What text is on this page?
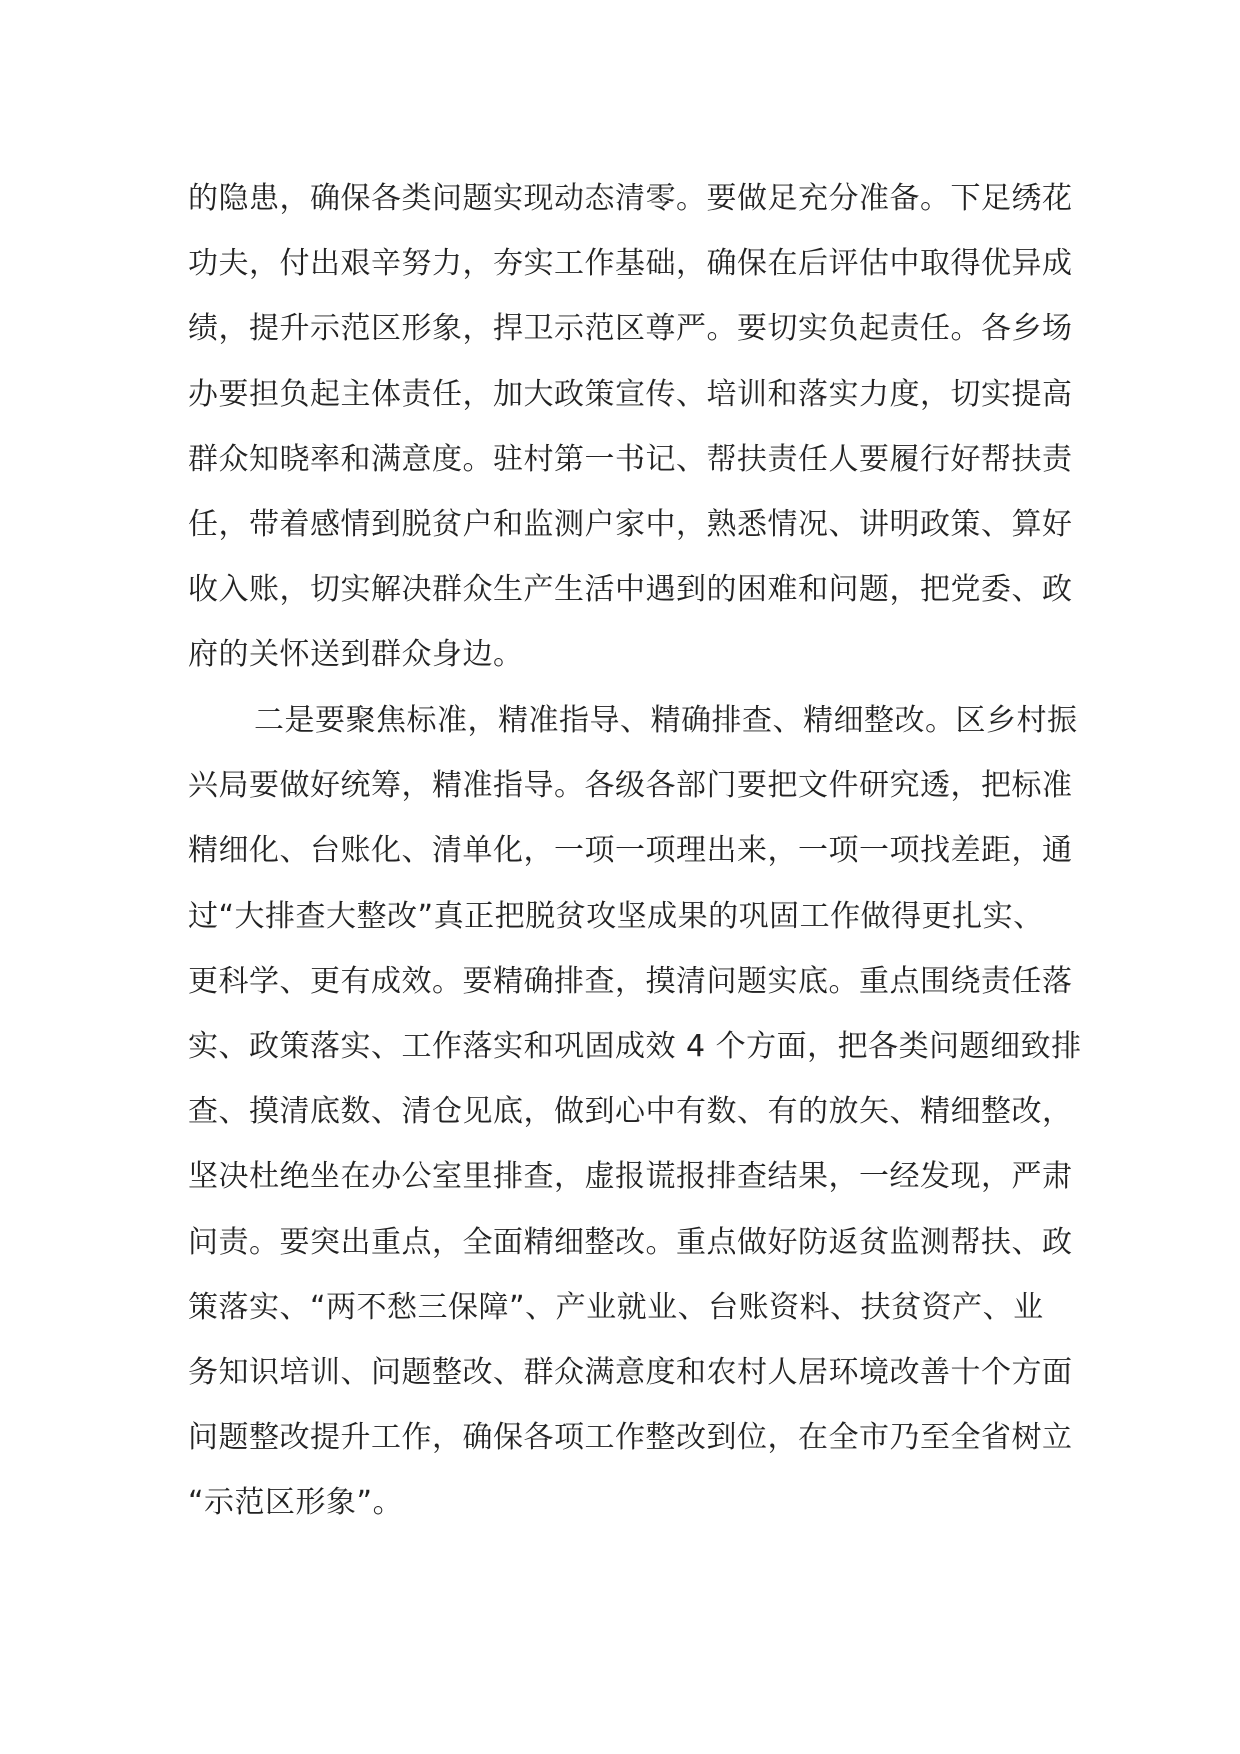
的隐患，确保各类问题实现动态清零。要做足充分准备。下足绣花
功夫，付出艰辛努力，夯实工作基础，确保在后评估中取得优异成
绩，提升示范区形象，捍卫示范区尊严。要切实负起责任。各乡场
办要担负起主体责任，加大政策宣传、培训和落实力度，切实提高
群众知晓率和满意度。驻村第一书记、帮扶责任人要履行好帮扶责
任，带着感情到脱贫户和监测户家中，熟悉情况、讲明政策、算好
收入账，切实解决群众生产生活中遇到的困难和问题，把党委、政
府的关怀送到群众身边。
二是要聚焦标准，精准指导、精确排查、精细整改。区乡村振
兴局要做好统筹，精准指导。各级各部门要把文件研究透，把标准
精细化、台账化、清单化，一项一项理出来，一项一项找差距，通
过“大排查大整改”真正把脱贫攻坚成果的巩固工作做得更扎实、
更科学、更有成效。要精确排查，摸清问题实底。重点围绕责任落
实、政策落实、工作落实和巩固成效 4 个方面，把各类问题细致排
查、摸清底数、清仓见底，做到心中有数、有的放矢、精细整改，
坚决杜绝坐在办公室里排查，虚报谎报排查结果，一经发现，严肃
问责。要突出重点，全面精细整改。重点做好防返贫监测帮扶、政
策落实、“两不愁三保障”、产业就业、台账资料、扶贫资产、业
务知识培训、问题整改、群众满意度和农村人居环境改善十个方面
问题整改提升工作，确保各项工作整改到位，在全市乃至全省树立
“示范区形象”。
